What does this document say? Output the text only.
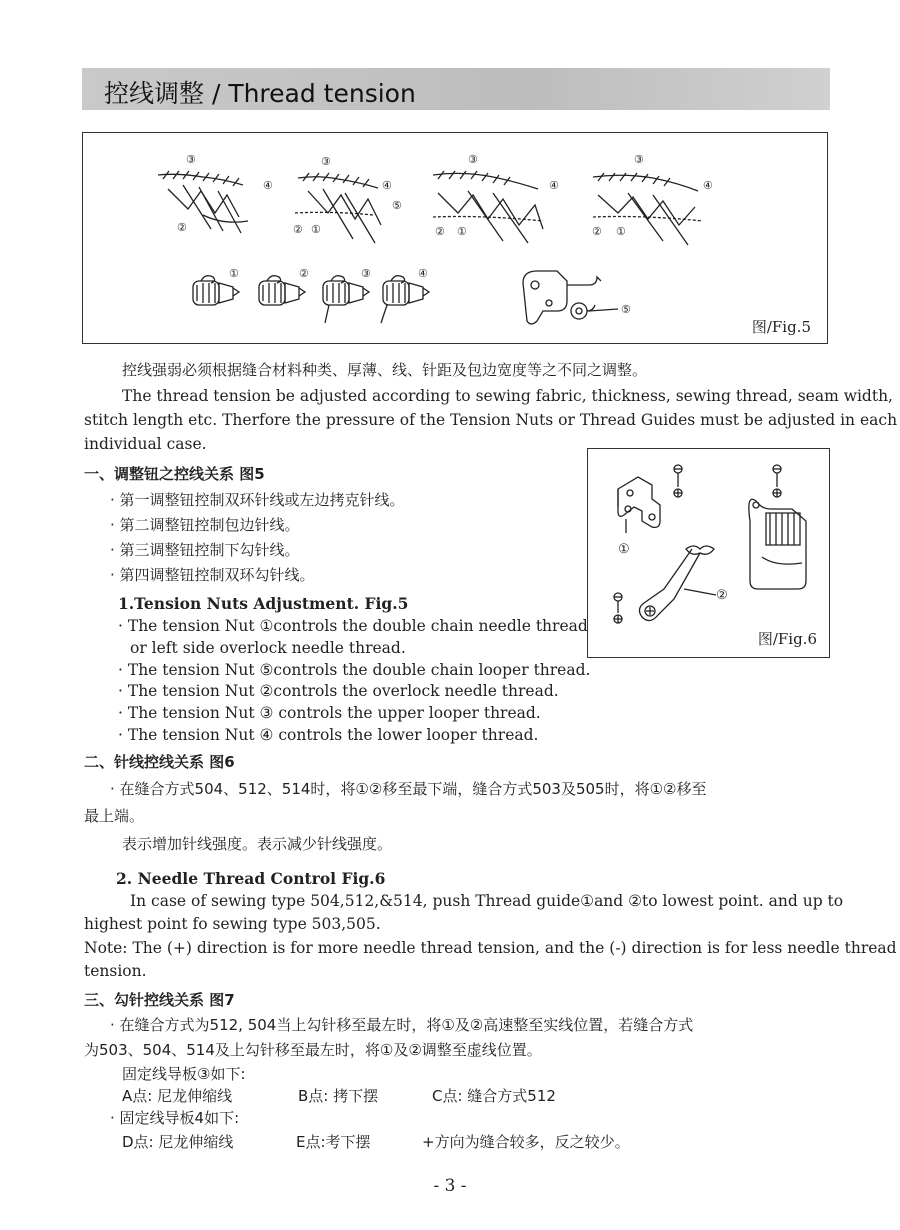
控线调整 / Thread tension
③
④
②
③
④
⑤
② ①
③
④
② ①
③
④
② ①
①	②	③	④
⑤
图/Fig.5
控线强弱必须根据缝合材料种类、厚薄、线、针距及包边宽度等之不同之调整。
The thread tension be adjusted according to sewing fabric, thickness, sewing thread, seam width,
stitch length etc. Therfore the pressure of the Tension Nuts or Thread Guides must be adjusted in each
individual case.
一、调整钮之控线关系 图5
· 第一调整钮控制双环针线或左边拷克针线。
· 第二调整钮控制包边针线。
· 第三调整钮控制下勾针线。
· 第四调整钮控制双环勾针线。
1.Tension Nuts Adjustment. Fig.5
· The tension Nut ①controls the double chain needle thread
or left side overlock needle thread.
· The tension Nut ⑤controls the double chain looper thread.
· The tension Nut ②controls the overlock needle thread.
· The tension Nut ③ controls the upper looper thread.
· The tension Nut ④ controls the lower looper thread.
①
②
图/Fig.6
二、针线控线关系 图6
· 在缝合方式504、512、514时，将①②移至最下端，缝合方式503及505时，将①②移至
最上端。
表示增加针线强度。表示减少针线强度。
2. Needle Thread Control Fig.6
In case of sewing type 504,512,&514, push Thread guide①and ②to lowest point. and up to
highest point fo sewing type 503,505.
Note: The (+) direction is for more needle thread tension, and the (-) direction is for less needle thread
tension.
三、勾针控线关系 图7
· 在缝合方式为512, 504当上勾针移至最左时，将①及②高速整至实线位置，若缝合方式
为503、504、514及上勾针移至最左时，将①及②调整至虚线位置。
固定线导板③如下:
A点: 尼龙伸缩线	B点: 拷下摆	C点: 缝合方式512
· 固定线导板4如下:
D点: 尼龙伸缩线	E点:考下摆	+方向为缝合较多，反之较少。
- 3 -
